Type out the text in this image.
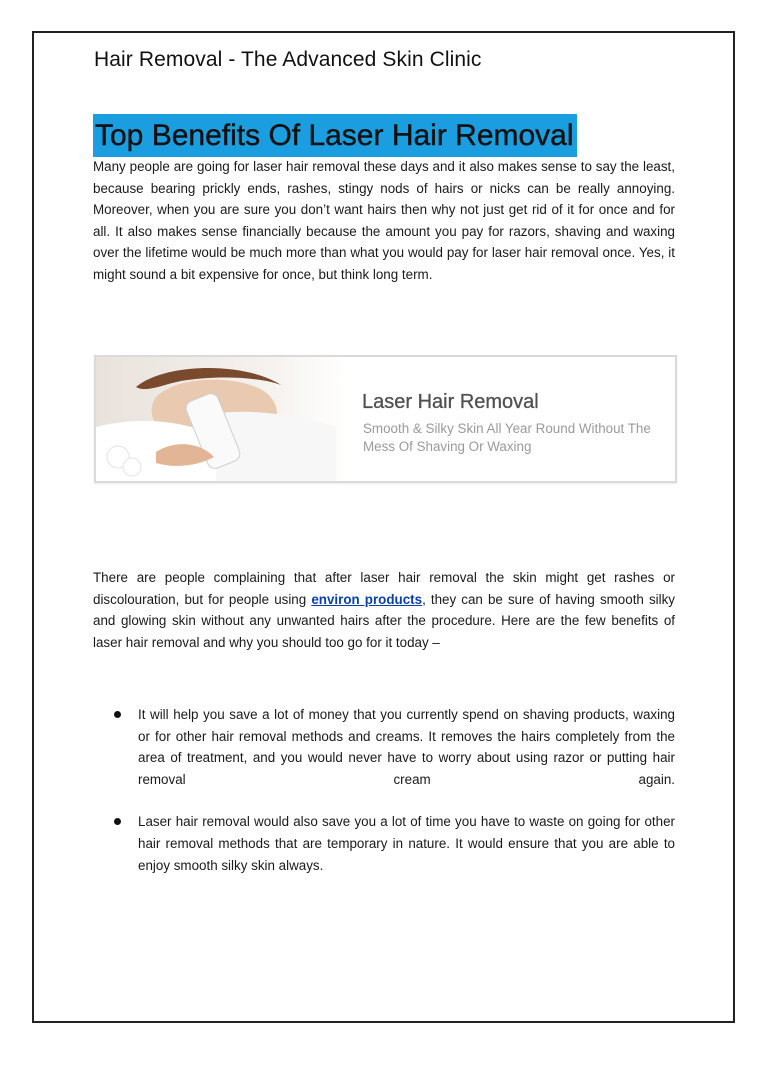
Hair Removal - The Advanced Skin Clinic
Top Benefits Of Laser Hair Removal

Many people are going for laser hair removal these days and it also makes sense to say the least, because bearing prickly ends, rashes, stingy nods of hairs or nicks can be really annoying. Moreover, when you are sure you don’t want hairs then why not just get rid of it for once and for all. It also makes sense financially because the amount you pay for razors, shaving and waxing over the lifetime would be much more than what you would pay for laser hair removal once. Yes, it might sound a bit expensive for once, but think long term.

Laser Hair Removal
Smooth & Silky Skin All Year Round Without The Mess Of Shaving Or Waxing

There are people complaining that after laser hair removal the skin might get rashes or discolouration, but for people using environ products, they can be sure of having smooth silky and glowing skin without any unwanted hairs after the procedure. Here are the few benefits of laser hair removal and why you should too go for it today –

It will help you save a lot of money that you currently spend on shaving products, waxing or for other hair removal methods and creams. It removes the hairs completely from the area of treatment, and you would never have to worry about using razor or putting hair removal cream again.
Laser hair removal would also save you a lot of time you have to waste on going for other hair removal methods that are temporary in nature. It would ensure that you are able to enjoy smooth silky skin always.
